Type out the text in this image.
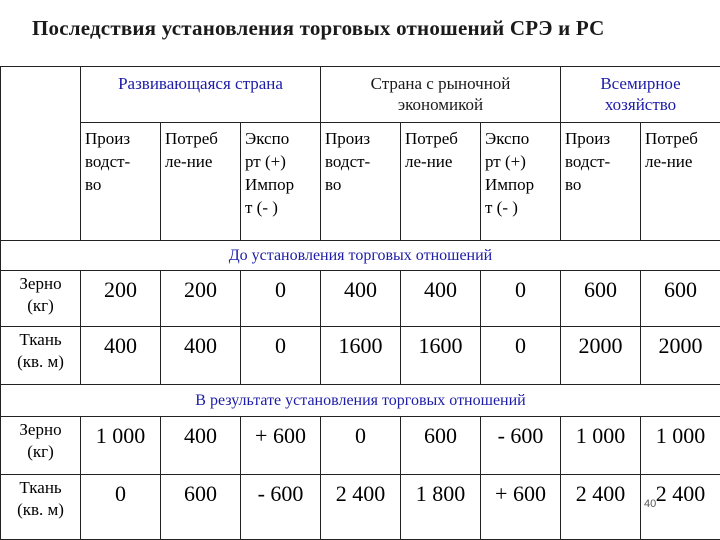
Последствия установления торговых отношений СРЭ и РС
	Развивающаяся страна			Страна с рыночной
экономикой			Всемирное
хозяйство	
	Произ
водст-
во	Потреб
ле-ние	Экспо
рт (+)
Импор
т (- )	Произ
водст-
во	Потреб
ле-ние	Экспо
рт (+)
Импор
т (- )	Произ
водст-
во	Потреб
ле-ние
До установления торговых отношений								
Зерно
(кг)	200	200	0	400	400	0	600	600
Ткань
(кв. м)	400	400	0	1600	1600	0	2000	2000
В результате установления торговых отношений								
Зерно
(кг)	1 000	400	+ 600	0	600	- 600	1 000	1 000
Ткань
(кв. м)	0	600	- 600	2 400	1 800	+ 600	2 400	2 400
40
